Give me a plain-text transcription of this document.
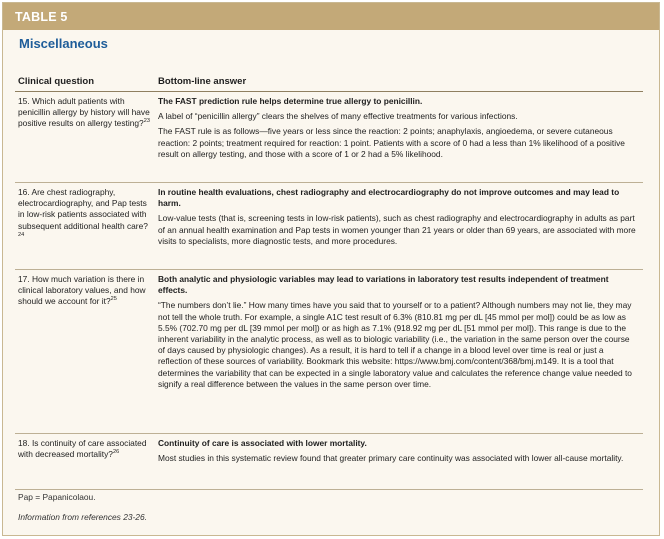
TABLE 5
Miscellaneous
Clinical question	Bottom-line answer
15. Which adult patients with penicillin allergy by history will have positive results on allergy testing?$^{23}$

The FAST prediction rule helps determine true allergy to penicillin.

A label of “penicillin allergy” clears the shelves of many effective treatments for various infections.

The FAST rule is as follows—five years or less since the reaction: 2 points; anaphylaxis, angioedema, or severe cutaneous reaction: 2 points; treatment required for reaction: 1 point. Patients with a score of 0 had a less than 1% likelihood of a positive result on allergy testing, and those with a score of 1 or 2 had a 5% likelihood.

16. Are chest radiography, electrocardiography, and Pap tests in low-risk patients associated with subsequent additional health care?$^{24}$

In routine health evaluations, chest radiography and electrocardiography do not improve outcomes and may lead to harm.

Low-value tests (that is, screening tests in low-risk patients), such as chest radiography and electrocardiography in adults as part of an annual health examination and Pap tests in women younger than 21 years or older than 69 years, are associated with more visits to specialists, more diagnostic tests, and more procedures.

17. How much variation is there in clinical laboratory values, and how should we account for it?$^{25}$

Both analytic and physiologic variables may lead to variations in laboratory test results independent of treatment effects.

“The numbers don’t lie.” How many times have you said that to yourself or to a patient? Although numbers may not lie, they may not tell the whole truth. For example, a single A1C test result of 6.3% (810.81 mg per dL [45 mmol per mol]) could be as low as 5.5% (702.70 mg per dL [39 mmol per mol]) or as high as 7.1% (918.92 mg per dL [51 mmol per mol]). This range is due to the inherent variability in the analytic process, as well as to biologic variability (i.e., the variation in the same person over the course of days caused by physiologic changes). As a result, it is hard to tell if a change in a blood level over time is real or just a reflection of these sources of variability. Bookmark this website: https://www.bmj.com/content/368/bmj.m149. It is a tool that determines the variability that can be expected in a single laboratory value and calculates the reference change value needed to signify a real difference between the values in the same person over time.

18. Is continuity of care associated with decreased mortality?$^{26}$

Continuity of care is associated with lower mortality.

Most studies in this systematic review found that greater primary care continuity was associated with lower all-cause mortality.

Pap = Papanicolaou.
Information from references 23-26.
